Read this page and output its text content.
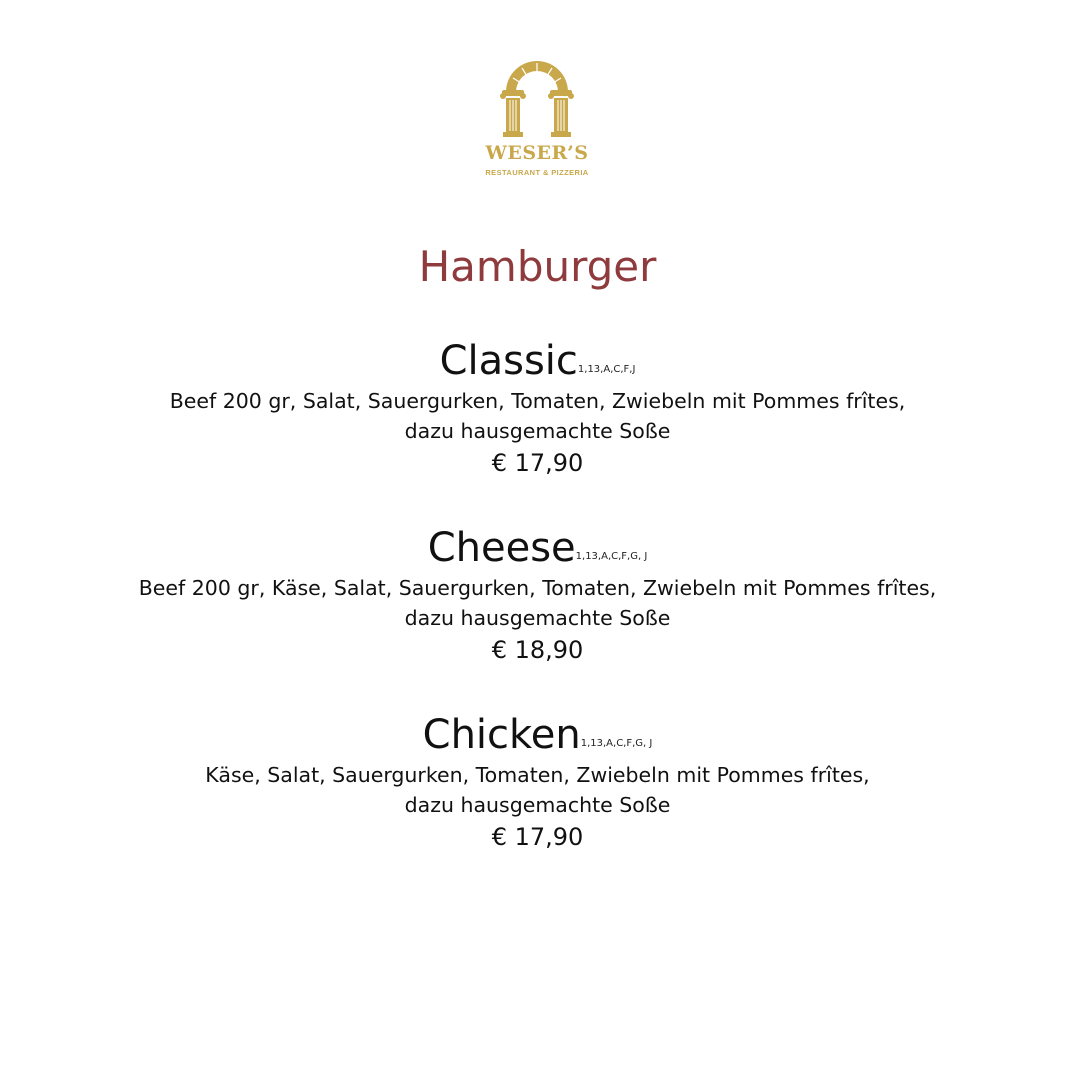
WESER’S
RESTAURANT & PIZZERIA
Hamburger
Classic1,13,A,C,F,J
Beef 200 gr, Salat, Sauergurken, Tomaten, Zwiebeln mit Pommes frîtes,
dazu hausgemachte Soße
€ 17,90
Cheese1,13,A,C,F,G, J
Beef 200 gr, Käse, Salat, Sauergurken, Tomaten, Zwiebeln mit Pommes frîtes,
dazu hausgemachte Soße
€ 18,90
Chicken1,13,A,C,F,G, J
Käse, Salat, Sauergurken, Tomaten, Zwiebeln mit Pommes frîtes,
dazu hausgemachte Soße
€ 17,90
